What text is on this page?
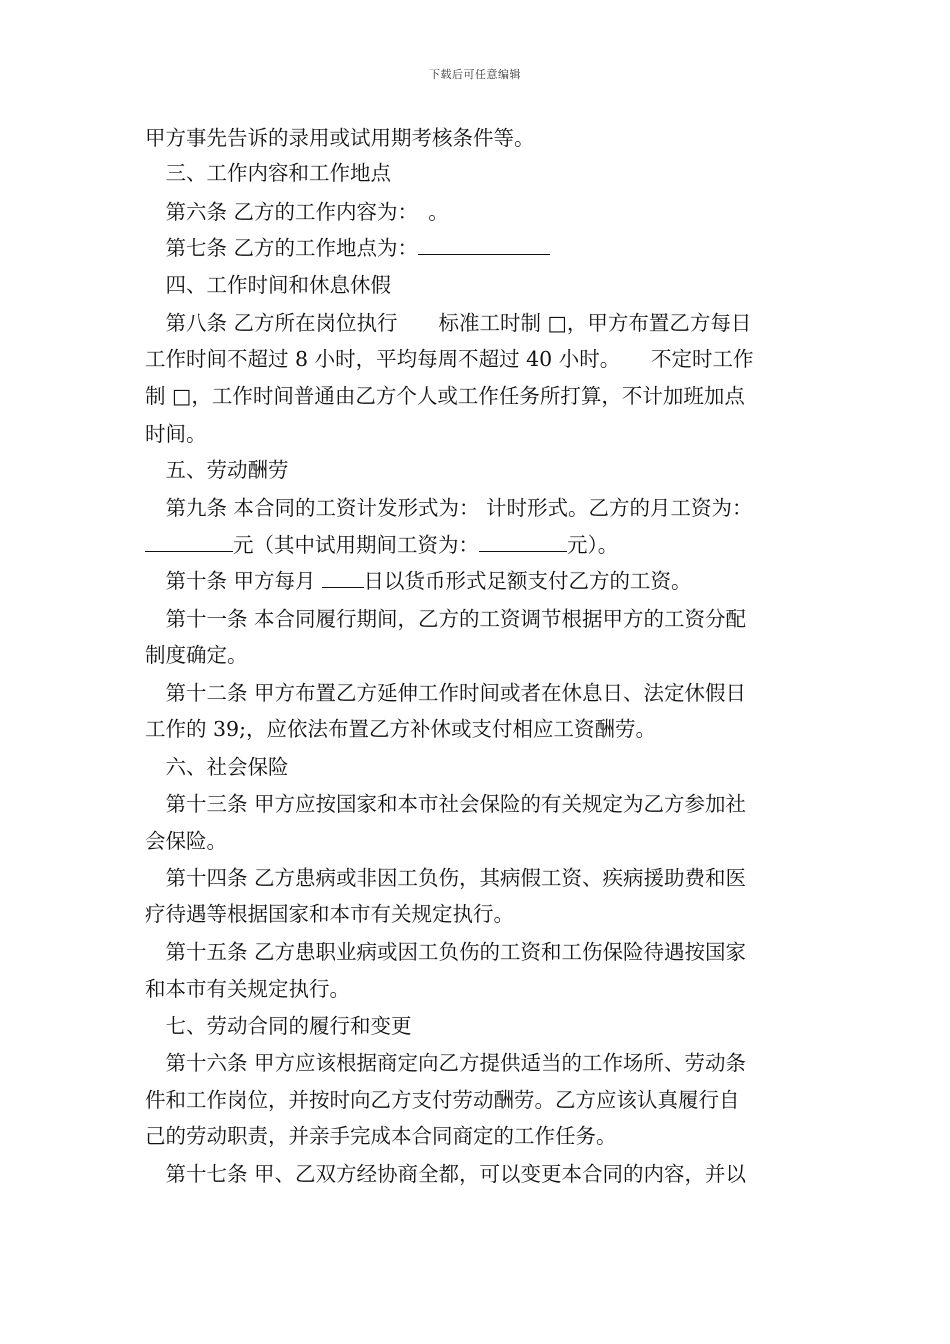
下载后可任意编辑
甲方事先告诉的录用或试用期考核条件等。
　三、工作内容和工作地点
　第六条 乙方的工作内容为：　。
　第七条 乙方的工作地点为：
　四、工作时间和休息休假
　第八条 乙方所在岗位执行　　标准工时制 □，甲方布置乙方每日
工作时间不超过 8 小时，平均每周不超过 40 小时。　　不定时工作
制 □，工作时间普通由乙方个人或工作任务所打算，不计加班加点
时间。
　五、劳动酬劳
　第九条 本合同的工资计发形式为： 计时形式。乙方的月工资为：
元（其中试用期间工资为：	元）。
　第十条 甲方每月 日以货币形式足额支付乙方的工资。
　第十一条 本合同履行期间，乙方的工资调节根据甲方的工资分配
制度确定。
　第十二条 甲方布置乙方延伸工作时间或者在休息日、法定休假日
工作的 39;，应依法布置乙方补休或支付相应工资酬劳。
　六、社会保险
　第十三条 甲方应按国家和本市社会保险的有关规定为乙方参加社
会保险。
　第十四条 乙方患病或非因工负伤，其病假工资、疾病援助费和医
疗待遇等根据国家和本市有关规定执行。
　第十五条 乙方患职业病或因工负伤的工资和工伤保险待遇按国家
和本市有关规定执行。
　七、劳动合同的履行和变更
　第十六条 甲方应该根据商定向乙方提供适当的工作场所、劳动条
件和工作岗位，并按时向乙方支付劳动酬劳。乙方应该认真履行自
己的劳动职责，并亲手完成本合同商定的工作任务。
　第十七条 甲、乙双方经协商全都，可以变更本合同的内容，并以
